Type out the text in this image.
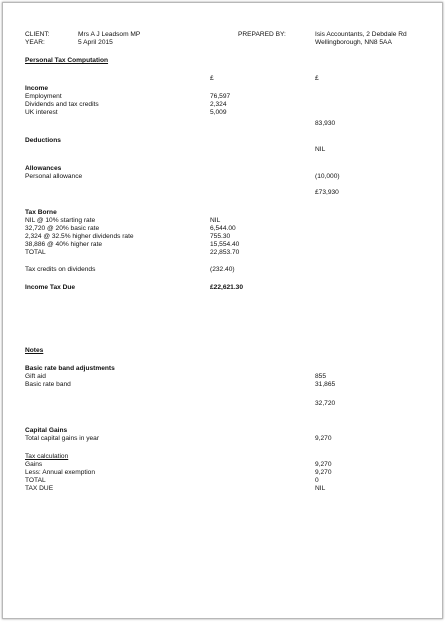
CLIENT:	Mrs A J Leadsom MP
YEAR:	5 April 2015
PREPARED BY:	Isis Accountants, 2 Debdale Rd
Wellingborough, NN8 5AA
Personal Tax Computation
£	£
Income
Employment	76,597
Dividends and tax credits	2,324
UK interest	5,009
83,930
Deductions
NIL
Allowances
Personal allowance	(10,000)
£73,930
Tax Borne
NIL @ 10% starting rate	NIL
32,720 @ 20% basic rate	6,544.00
2,324 @ 32.5% higher dividends rate	755.30
38,886 @ 40% higher rate	15,554.40
TOTAL	22,853.70
Tax credits on dividends	(232.40)
Income Tax Due	£22,621.30
Notes
Basic rate band adjustments
Gift aid	855
Basic rate band	31,865
32,720
Capital Gains
Total capital gains in year	9,270
Tax calculation
Gains	9,270
Less: Annual exemption	9,270
TOTAL	0
TAX DUE	NIL
